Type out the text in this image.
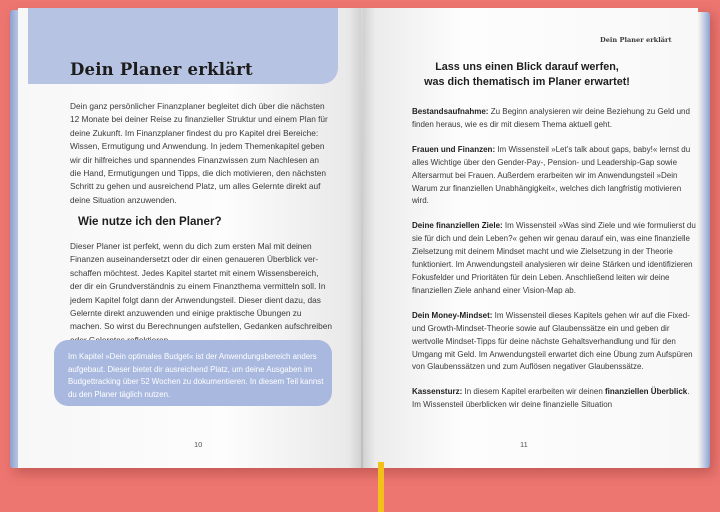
Dein Planer erklärt
Dein ganz persönlicher Finanzplaner begleitet dich über die nächsten 12 Monate bei deiner Reise zu finanzieller Struktur und einem Plan für deine Zukunft. Im Finanzplaner findest du pro Kapitel drei Bereiche: Wissen, Ermutigung und Anwendung. In jedem Themenkapitel geben wir dir hilfreiches und spannendes Finanzwissen zum Nachlesen an die Hand, Ermutigungen und Tipps, die dich motivieren, den nächsten Schritt zu gehen und ausreichend Platz, um alles Gelernte direkt auf deine Situation anzuwenden.
Wie nutze ich den Planer?
Dieser Planer ist perfekt, wenn du dich zum ersten Mal mit deinen Finanzen auseinandersetzt oder dir einen genaueren Überblick verschaffen möchtest. Jedes Kapitel startet mit einem Wissensbereich, der dir ein Grundverständnis zu einem Finanzthema vermitteln soll. In jedem Kapitel folgt dann der Anwendungsteil. Dieser dient dazu, das Gelernte direkt anzuwenden und einige praktische Übungen zu machen. So wirst du Berechnungen aufstellen, Gedanken aufschreiben
Im Kapitel »Dein optimales Budget« ist der Anwendungsbereich anders aufgebaut. Dieser bietet dir ausreichend Platz, um deine Ausgaben im Budgettracking über 52 Wochen zu dokumentieren. In diesem Teil kannst du den Planer täglich nutzen.
10
Dein Planer erklärt
Lass uns einen Blick darauf werfen,
was dich thematisch im Planer erwartet!

Bestandsaufnahme: Zu Beginn analysieren wir deine Beziehung zu Geld und finden heraus, wie es dir mit diesem Thema aktuell geht.

Frauen und Finanzen: Im Wissensteil »Let’s talk about gaps, baby!« lernst du alles Wichtige über den Gender-Pay-, Pension- und Leadership-Gap sowie Altersarmut bei Frauen. Außerdem erarbeiten wir im Anwendungsteil »Dein Warum zur finanziellen Unabhängigkeit«, welches dich langfristig motivieren wird.

Deine finanziellen Ziele: Im Wissensteil »Was sind Ziele und wie formulierst du sie für dich und dein Leben?« gehen wir genau darauf ein, was eine finanzielle Zielsetzung mit deinem Mindset macht und wie Zielsetzung in der Theorie funktioniert. Im Anwendungsteil analysieren wir deine Stärken und identifizieren Fokusfelder und Prioritäten für dein Leben. Anschließend leiten wir deine finanziellen Ziele anhand einer Vision-Map ab.

Dein Money-Mindset: Im Wissensteil dieses Kapitels gehen wir auf die Fixed- und Growth-Mindset-Theorie sowie auf Glaubenssätze ein und geben dir wertvolle Mindset-Tipps für deine nächste Gehaltsverhandlung und für den Umgang mit Geld. Im Anwendungsteil erwartet dich eine Übung zum Aufspüren von Glaubenssätzen und zum Auflösen negativer Glaubenssätze.

Kassensturz: In diesem Kapitel erarbeiten wir deinen finanziellen Überblick. Im Wissensteil überblicken wir deine finanzielle Situation

11
